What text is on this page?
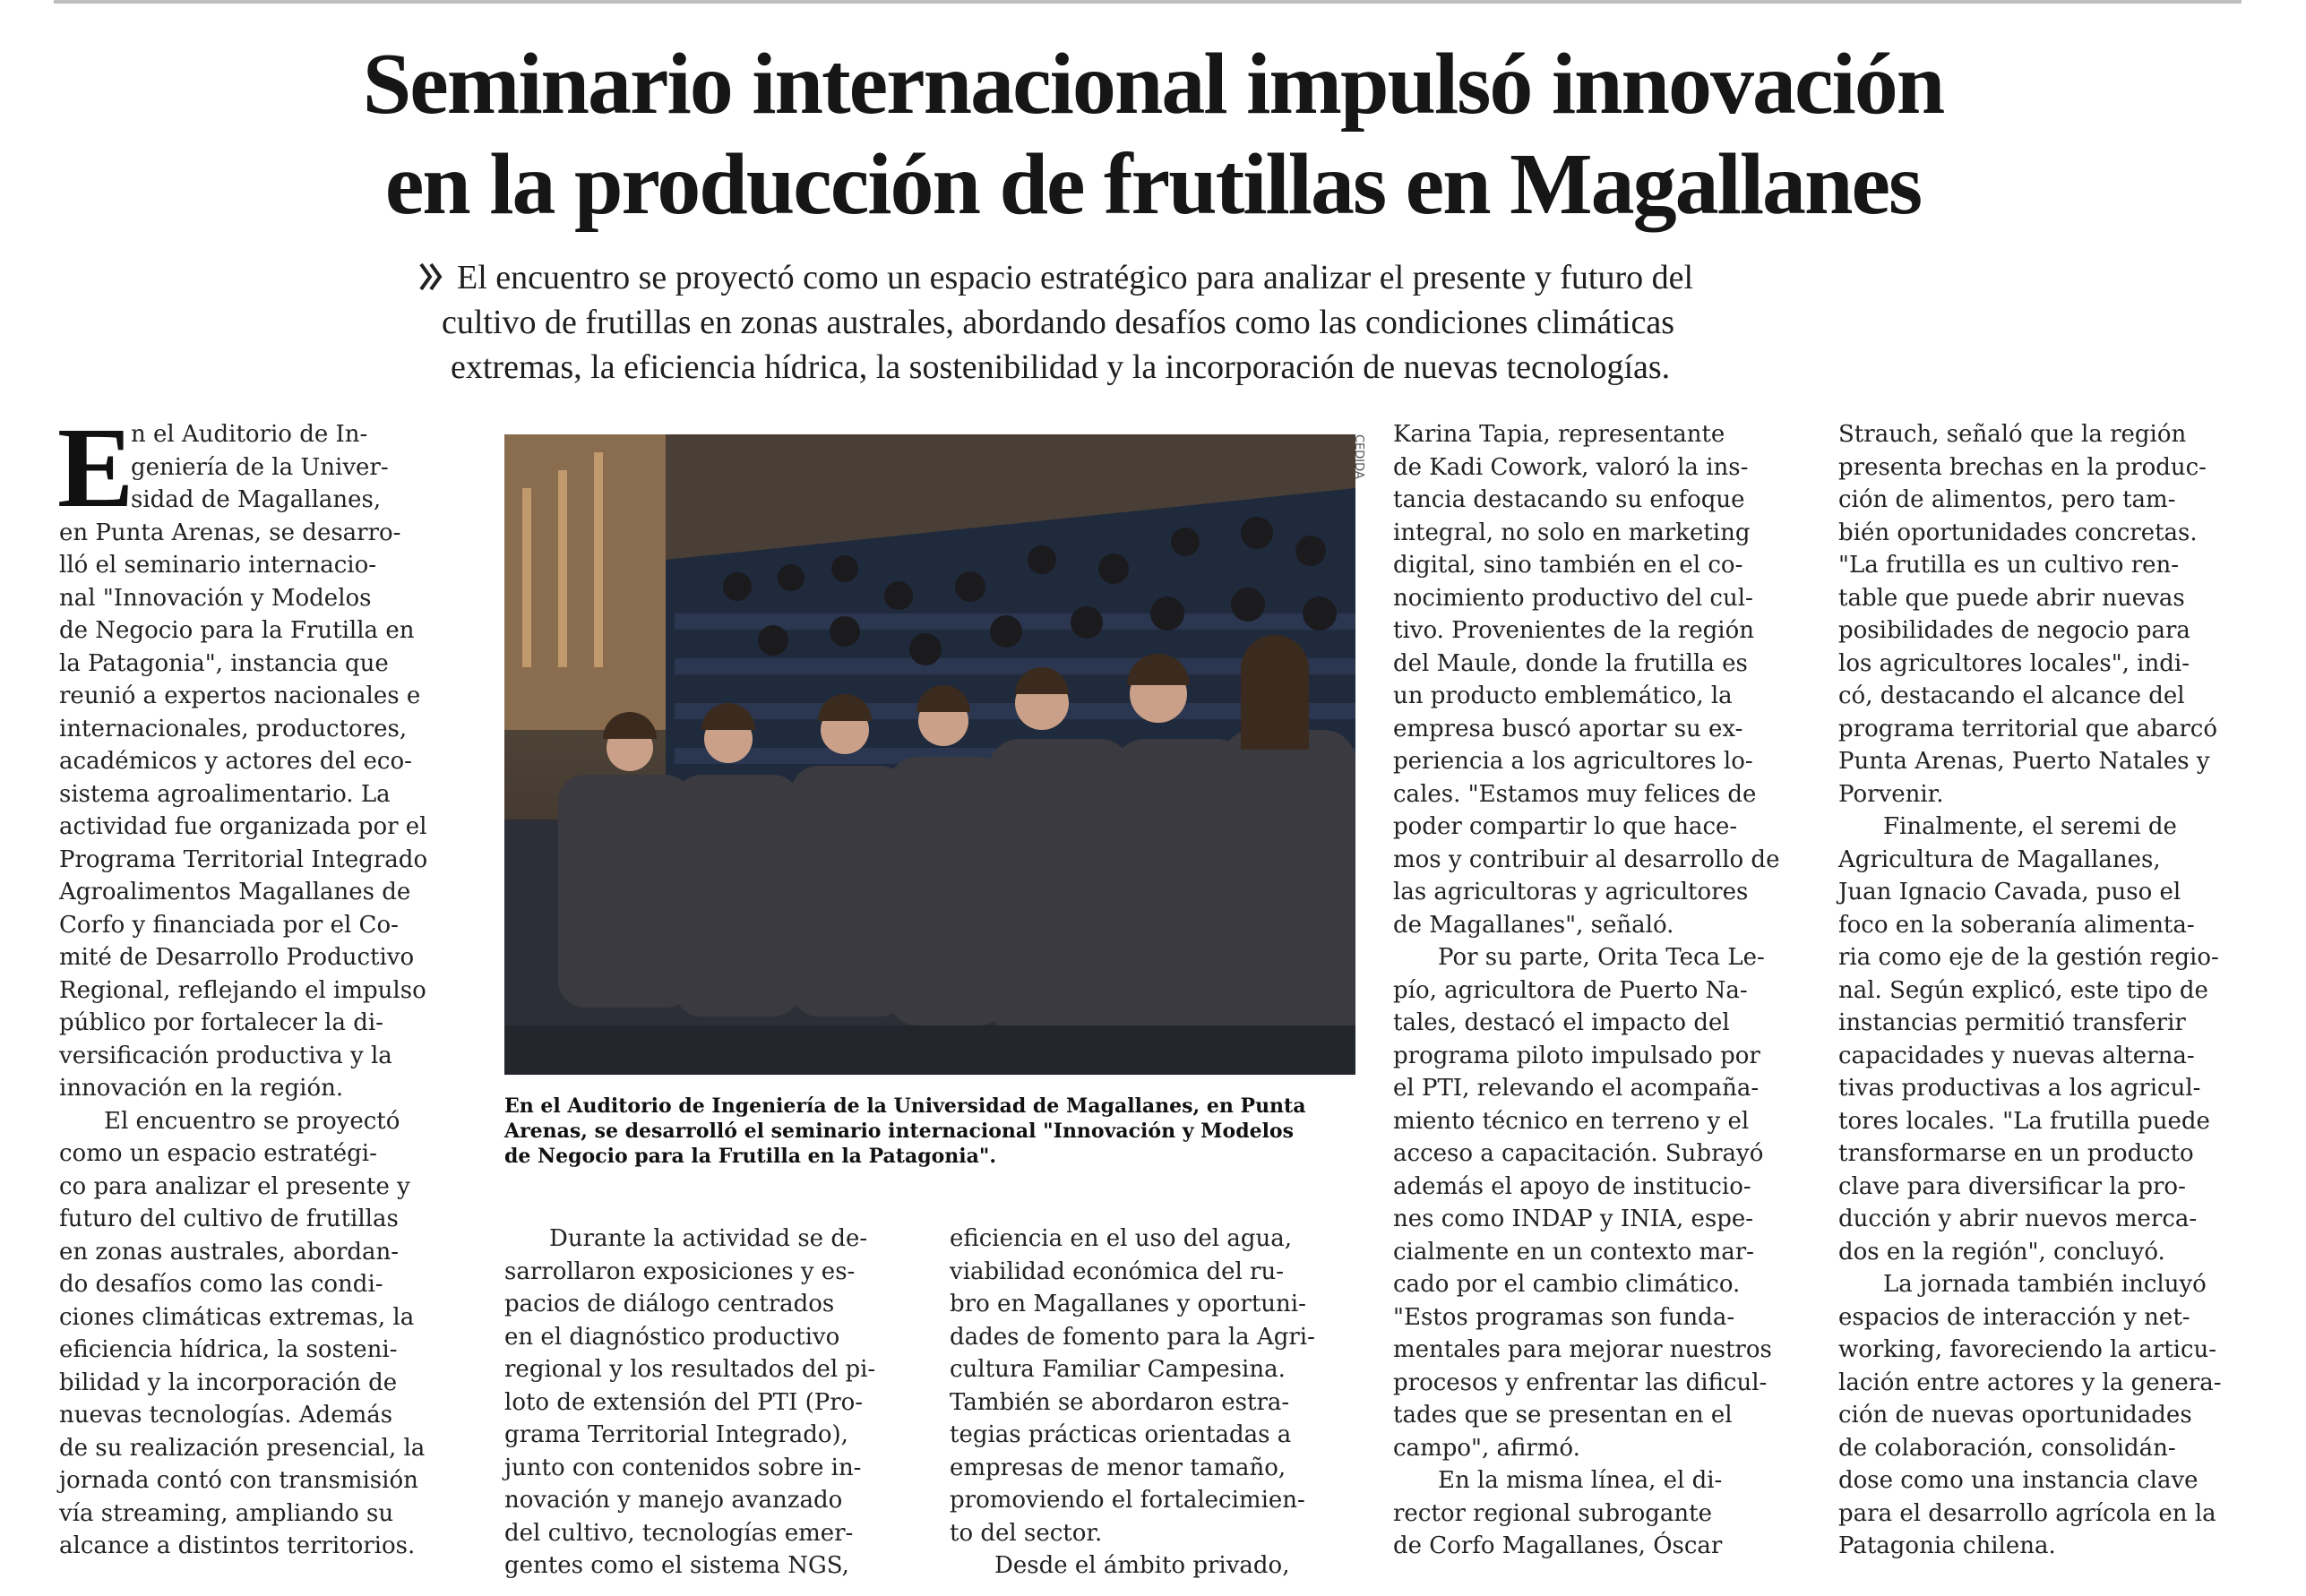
Seminario internacional impulsó innovación
en la producción de frutillas en Magallanes
El encuentro se proyectó como un espacio estratégico para analizar el presente y futuro del
cultivo de frutillas en zonas australes, abordando desafíos como las condiciones climáticas
extremas, la eficiencia hídrica, la sostenibilidad y la incorporación de nuevas tecnologías.
E
n el Auditorio de In-
geniería de la Univer-
sidad de Magallanes,
en Punta Arenas, se desarro-
lló el seminario internacio-
nal "Innovación y Modelos
de Negocio para la Frutilla en
la Patagonia", instancia que
reunió a expertos nacionales e
internacionales, productores,
académicos y actores del eco-
sistema agroalimentario. La
actividad fue organizada por el
Programa Territorial Integrado
Agroalimentos Magallanes de
Corfo y financiada por el Co-
mité de Desarrollo Productivo
Regional, reflejando el impulso
público por fortalecer la di-
versificación productiva y la
innovación en la región.
El encuentro se proyectó
como un espacio estratégi-
co para analizar el presente y
futuro del cultivo de frutillas
en zonas australes, abordan-
do desafíos como las condi-
ciones climáticas extremas, la
eficiencia hídrica, la sosteni-
bilidad y la incorporación de
nuevas tecnologías. Además
de su realización presencial, la
jornada contó con transmisión
vía streaming, ampliando su
alcance a distintos territorios.
Durante la actividad se de-
sarrollaron exposiciones y es-
pacios de diálogo centrados
en el diagnóstico productivo
regional y los resultados del pi-
loto de extensión del PTI (Pro-
grama Territorial Integrado),
junto con contenidos sobre in-
novación y manejo avanzado
del cultivo, tecnologías emer-
gentes como el sistema NGS,
eficiencia en el uso del agua,
viabilidad económica del ru-
bro en Magallanes y oportuni-
dades de fomento para la Agri-
cultura Familiar Campesina.
También se abordaron estra-
tegias prácticas orientadas a
empresas de menor tamaño,
promoviendo el fortalecimien-
to del sector.
Desde el ámbito privado,
Karina Tapia, representante
de Kadi Cowork, valoró la ins-
tancia destacando su enfoque
integral, no solo en marketing
digital, sino también en el co-
nocimiento productivo del cul-
tivo. Provenientes de la región
del Maule, donde la frutilla es
un producto emblemático, la
empresa buscó aportar su ex-
periencia a los agricultores lo-
cales. "Estamos muy felices de
poder compartir lo que hace-
mos y contribuir al desarrollo de
las agricultoras y agricultores
de Magallanes", señaló.
Por su parte, Orita Teca Le-
pío, agricultora de Puerto Na-
tales, destacó el impacto del
programa piloto impulsado por
el PTI, relevando el acompaña-
miento técnico en terreno y el
acceso a capacitación. Subrayó
además el apoyo de institucio-
nes como INDAP y INIA, espe-
cialmente en un contexto mar-
cado por el cambio climático.
"Estos programas son funda-
mentales para mejorar nuestros
procesos y enfrentar las dificul-
tades que se presentan en el
campo", afirmó.
En la misma línea, el di-
rector regional subrogante
de Corfo Magallanes, Óscar
Strauch, señaló que la región
presenta brechas en la produc-
ción de alimentos, pero tam-
bién oportunidades concretas.
"La frutilla es un cultivo ren-
table que puede abrir nuevas
posibilidades de negocio para
los agricultores locales", indi-
có, destacando el alcance del
programa territorial que abarcó
Punta Arenas, Puerto Natales y
Porvenir.
Finalmente, el seremi de
Agricultura de Magallanes,
Juan Ignacio Cavada, puso el
foco en la soberanía alimenta-
ria como eje de la gestión regio-
nal. Según explicó, este tipo de
instancias permitió transferir
capacidades y nuevas alterna-
tivas productivas a los agricul-
tores locales. "La frutilla puede
transformarse en un producto
clave para diversificar la pro-
ducción y abrir nuevos merca-
dos en la región", concluyó.
La jornada también incluyó
espacios de interacción y net-
working, favoreciendo la articu-
lación entre actores y la genera-
ción de nuevas oportunidades
de colaboración, consolidán-
dose como una instancia clave
para el desarrollo agrícola en la
Patagonia chilena.
CEDIDA
En el Auditorio de Ingeniería de la Universidad de Magallanes, en Punta
Arenas, se desarrolló el seminario internacional "Innovación y Modelos
de Negocio para la Frutilla en la Patagonia".
